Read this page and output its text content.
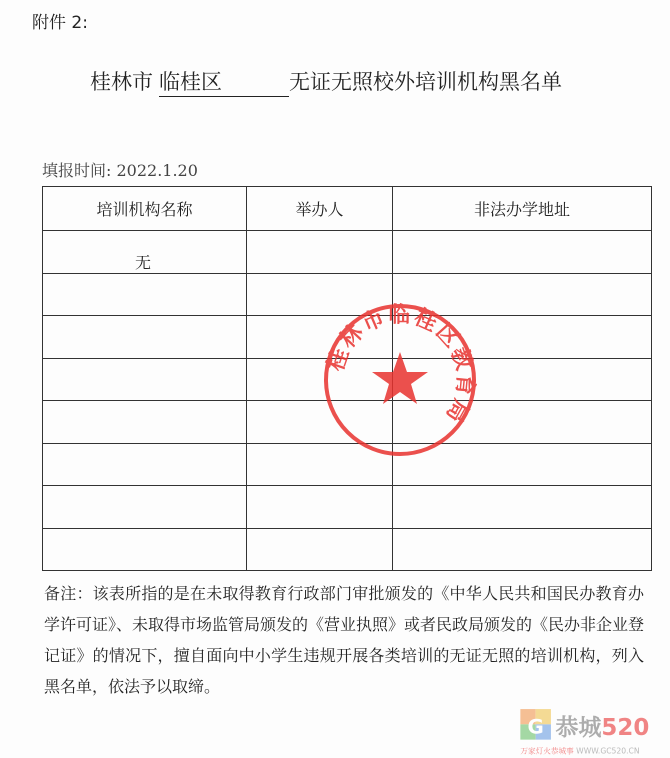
附件 2:
桂林市 临桂区	无证无照校外培训机构黑名单
填报时间: 2022.1.20
培训机构名称	举办人	非法办学地址
无		

备注：该表所指的是在未取得教育行政部门审批颁发的《中华人民共和国民办教育办学许可证》、未取得市场监管局颁发的《营业执照》或者民政局颁发的《民办非企业登记证》的情况下，擅自面向中小学生违规开展各类培训的无证无照的培训机构，列入黑名单，依法予以取缔。
桂林市临桂区教育局
G 恭城520
万家灯火恭城事 WWW.GC520.CN
